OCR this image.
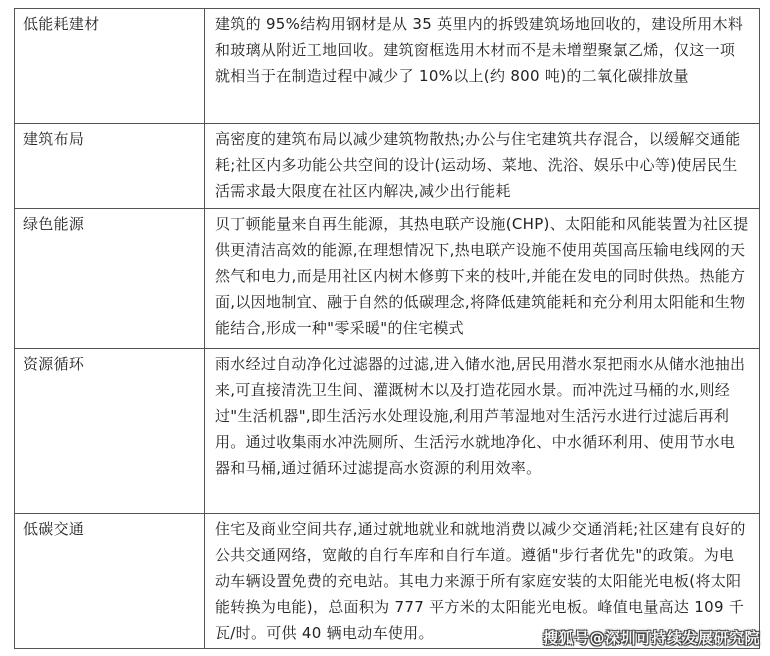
低能耗建材	建筑的 95%结构用钢材是从 35 英里内的拆毁建筑场地回收的，建设所用木料和玻璃从附近工地回收。建筑窗框选用木材而不是未增塑聚氯乙烯，仅这一项就相当于在制造过程中减少了 10%以上(约 800 吨)的二氧化碳排放量
建筑布局	高密度的建筑布局以减少建筑物散热;办公与住宅建筑共存混合，以缓解交通能耗;社区内多功能公共空间的设计(运动场、菜地、洗浴、娱乐中心等)使居民生活需求最大限度在社区内解决,减少出行能耗
绿色能源	贝丁顿能量来自再生能源，其热电联产设施(CHP)、太阳能和风能装置为社区提供更清洁高效的能源,在理想情况下,热电联产设施不使用英国高压输电线网的天然气和电力,而是用社区内树木修剪下来的枝叶,并能在发电的同时供热。热能方面,以因地制宜、融于自然的低碳理念,将降低建筑能耗和充分利用太阳能和生物能结合,形成一种"零采暖"的住宅模式
资源循环	雨水经过自动净化过滤器的过滤,进入储水池,居民用潜水泵把雨水从储水池抽出来,可直接清洗卫生间、灌溉树木以及打造花园水景。而冲洗过马桶的水,则经过"生活机器",即生活污水处理设施,利用芦苇湿地对生活污水进行过滤后再利用。通过收集雨水冲洗厕所、生活污水就地净化、中水循环利用、使用节水电器和马桶,通过循环过滤提高水资源的利用效率。
低碳交通	住宅及商业空间共存,通过就地就业和就地消费以减少交通消耗;社区建有良好的公共交通网络，宽敞的自行车库和自行车道。遵循"步行者优先"的政策。为电动车辆设置免费的充电站。其电力来源于所有家庭安装的太阳能光电板(将太阳能转换为电能)，总面积为 777 平方米的太阳能光电板。峰值电量高达 109 千瓦/时。可供 40 辆电动车使用。	搜狐号@深圳可持续发展研究院
